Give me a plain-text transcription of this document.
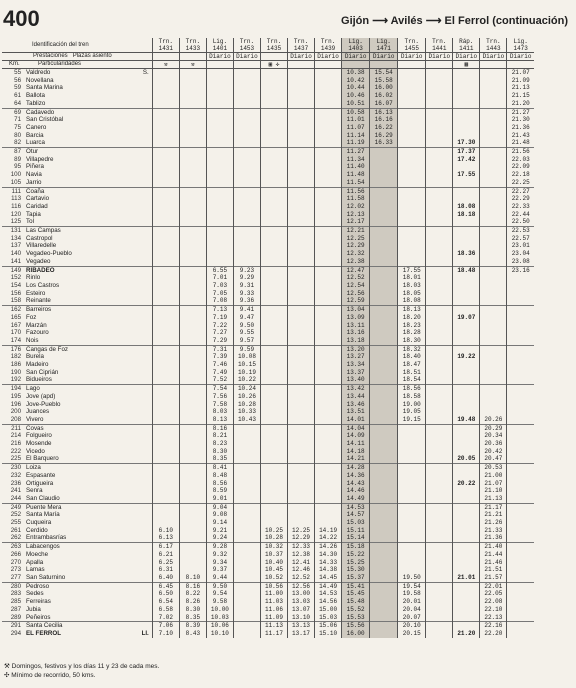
400	Gijón ⟶ Avilés ⟶ El Ferrol (continuación)
Identificación del tren		Trn.	Trn.	Lig.	Trn.	Trn.	Trn.	Trn.	Lig.	Lig.	Trn.	Trn.	Ráp.	Trn.	Lig.
		1431	1433	1401	1453	1435	1437	1439	1403	1471	1455	1441	1411	1443	1473
Prestaciones Plazas asiento				Diario	Diario		Diario	Diario	Diario	Diario	Diario	Diario	Diario	Diario	Diario
Km. Particularidades		⚒	⚒			▣ ✣							▦		
55	Valdredo S.								10.38	15.54					21.07
56	Novellana								10.42	15.58					21.09
59	Santa Marina								10.44	16.00					21.13
61	Ballota								10.46	16.02					21.15
64	Tablizo								10.51	16.07					21.20
69	Cadavedo								10.58	16.13					21.27
71	San Cristóbal								11.01	16.16					21.30
75	Canero								11.07	16.22					21.36
80	Barcia								11.14	16.29					21.43
82	Luarca								11.19	16.33			17.30		21.48
87	Otur								11.27				17.37		21.56
89	Villapedre								11.34				17.42		22.03
95	Piñera								11.40						22.09
100	Navia								11.48				17.55		22.18
105	Jarrio								11.54						22.25
111	Coaña								11.56						22.27
113	Cartavio								11.58						22.29
116	Caridad								12.02				18.08		22.33
120	Tapia								12.13				18.18		22.44
125	Tol								12.17						22.50
131	Las Campas								12.21						22.53
134	Castropol								12.25						22.57
137	Villaredelle								12.29						23.01
140	Vegadeo-Pueblo								12.32				18.36		23.04
141	Vegadeo								12.38						23.08
149	RIBADEO			6.55	9.23				12.47		17.55		18.48		23.16
152	Rinlo			7.01	9.29				12.52		18.01				
154	Los Castros			7.03	9.31				12.54		18.03				
156	Esteiro			7.05	9.33				12.56		18.05				
158	Reinante			7.08	9.36				12.59		18.08				
162	Barreiros			7.13	9.41				13.04		18.13				
165	Foz			7.19	9.47				13.09		18.20		19.07		
167	Marzán			7.22	9.50				13.11		18.23				
170	Fazouro			7.27	9.55				13.16		18.28				
174	Nois			7.29	9.57				13.18		18.30				
176	Cangas de Foz			7.31	9.59				13.20		18.32				
182	Burela			7.39	10.08				13.27		18.40		19.22		
186	Madeiro			7.46	10.15				13.34		18.47				
190	San Ciprián			7.49	10.19				13.37		18.51				
192	Bidueiros			7.52	10.22				13.40		18.54				
194	Lago			7.54	10.24				13.42		18.56				
195	Jove (apd)			7.56	10.26				13.44		18.58				
196	Jove-Pueblo			7.58	10.28				13.46		19.00				
200	Juances			8.03	10.33				13.51		19.05				
208	Vivero			8.13	10.43				14.01		19.15		19.48	20.26	
211	Covas			8.16					14.04					20.29	
214	Folgueiro			8.21					14.09					20.34	
216	Mosende			8.23					14.11					20.36	
222	Vicedo			8.30					14.18					20.42	
225	El Barquero			8.35					14.21				20.05	20.47	
230	Loiza			8.41					14.28					20.53	
232	Espasante			8.48					14.36					21.00	
236	Ortigueira			8.56					14.43				20.22	21.07	
241	Senra			8.59					14.46					21.10	
244	San Claudio			9.01					14.49					21.13	
249	Puente Mera			9.04					14.53					21.17	
252	Santa María			9.08					14.57					21.21	
255	Cuqueira			9.14					15.03					21.26	
261	Cerdido	6.10		9.21		10.25	12.25	14.19	15.11					21.33	
262	Entrambasrías	6.13		9.24		10.28	12.29	14.22	15.14					21.36	
263	Labacengos	6.17		9.28		10.32	12.33	14.26	15.18					21.40	
266	Moeche	6.21		9.32		10.37	12.38	14.30	15.22					21.44	
270	Apalla	6.25		9.34		10.40	12.41	14.33	15.25					21.46	
273	Lamas	6.31		9.37		10.45	12.46	14.38	15.30					21.51	
277	San Saturnino	6.40	8.10	9.44		10.52	12.52	14.45	15.37		19.50		21.01	21.57	
280	Pedroso	6.45	8.16	9.50		10.56	12.56	14.49	15.41		19.54			22.01	
283	Sedes	6.50	8.22	9.54		11.00	13.00	14.53	15.45		19.58			22.05	
285	Ferreiras	6.54	8.26	9.58		11.03	13.03	14.56	15.48		20.01			22.08	
287	Jubia	6.58	8.30	10.00		11.06	13.07	15.00	15.52		20.04			22.10	
289	Peñeiros	7.02	8.35	10.03		11.09	13.10	15.03	15.53		20.07			22.13	
291	Santa Cecilia	7.06	8.39	10.06		11.13	13.13	15.06	15.56		20.10			22.16	
294	EL FERROL Ll.	7.10	8.43	10.10		11.17	13.17	15.10	16.00		20.15		21.20	22.20	
⚒ Domingos, festivos y los días 11 y 23 de cada mes.
✣ Mínimo de recorrido, 50 kms.
